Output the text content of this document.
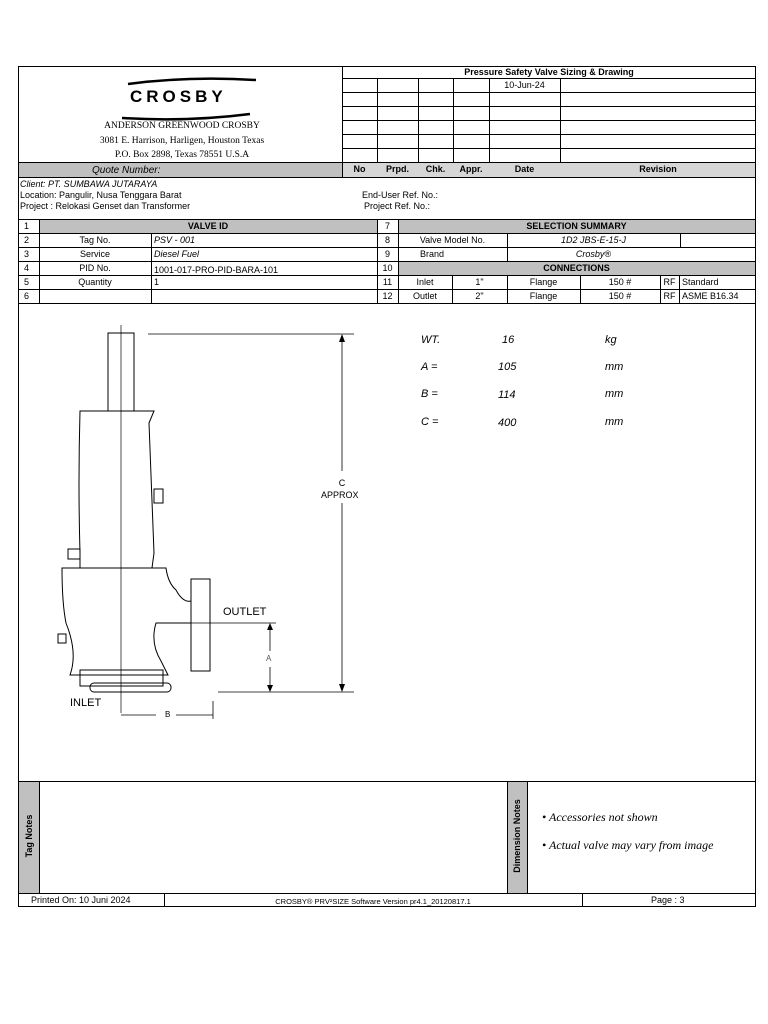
CROSBY
ANDERSON GREENWOOD CROSBY
3081 E. Harrison, Harligen, Houston Texas
P.O. Box 2898, Texas 78551 U.S.A
Pressure Safety Valve Sizing & Drawing
10-Jun-24
Quote Number:	No	Prpd.	Chk.	Appr.	Date	Revision
Client: PT. SUMBAWA JUTARAYA
Location: Pangulir, Nusa Tenggara Barat
Project : Relokasi Genset dan Transformer
End-User Ref. No.:
Project Ref. No.:
1	VALVE ID
2	Tag No.	PSV - 001
3	Service	Diesel Fuel
4	PID No.	1001-017-PRO-PID-BARA-101
5	Quantity	1
6
7	SELECTION SUMMARY
8	Valve Model No.	1D2 JBS-E-15-J
9	Brand	Crosby®
10	CONNECTIONS
11	Inlet	1"	Flange	150 #	RF Standard
12	Outlet	2"	Flange	150 #	RF ASME B16.34
C
APPROX
OUTLET
INLET
A
B
WT.	16	kg
A =	105	mm
B =	114	mm
C =	400	mm
Tag Notes	Dimension Notes • Accessories not shown
• Actual valve may vary from image
Printed On: 10 Juni 2024	CROSBY® PRV²SIZE Software Version pr4.1_20120817.1	Page : 3
